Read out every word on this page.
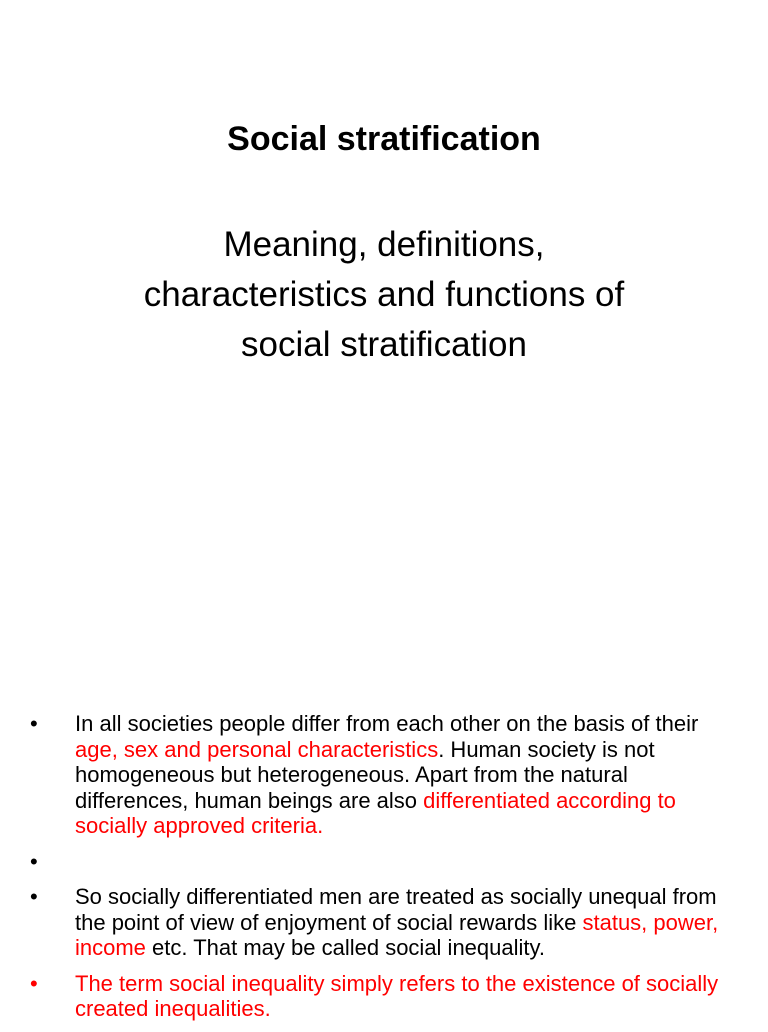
Social stratification
Meaning, definitions,
characteristics and functions of
social stratification
• In all societies people differ from each other on the basis of their age, sex and personal characteristics. Human society is not homogeneous but heterogeneous. Apart from the natural differences, human beings are also differentiated according to socially approved criteria.
•
• So socially differentiated men are treated as socially unequal from the point of view of enjoyment of social rewards like status, power, income etc. That may be called social inequality.
• The term social inequality simply refers to the existence of socially created inequalities.
